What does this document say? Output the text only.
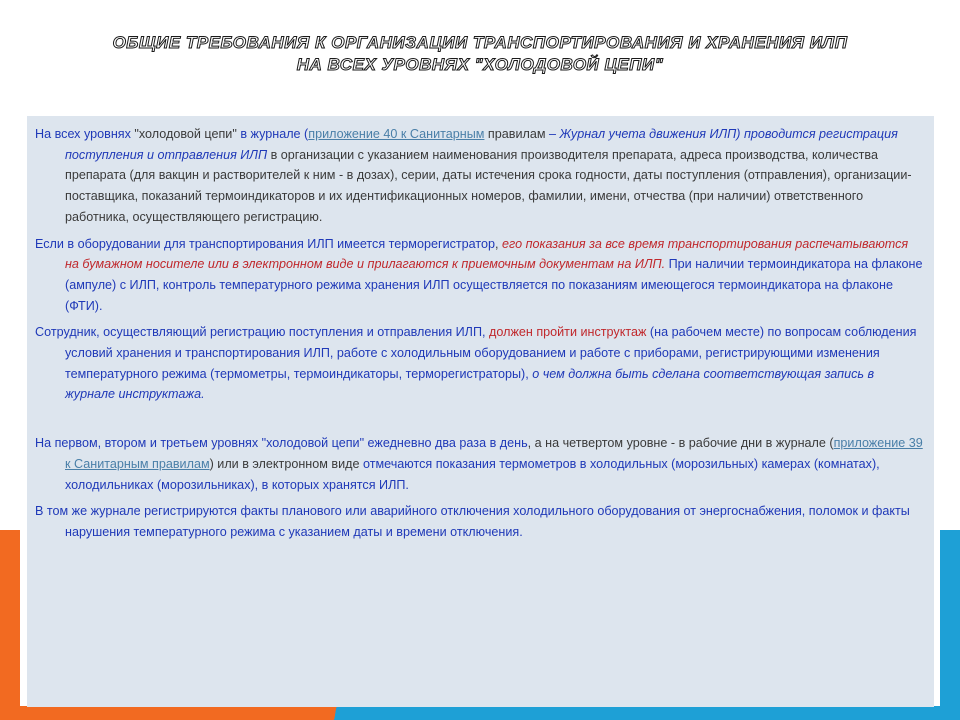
ОБЩИЕ ТРЕБОВАНИЯ К ОРГАНИЗАЦИИ ТРАНСПОРТИРОВАНИЯ И ХРАНЕНИЯ ИЛП
НА ВСЕХ УРОВНЯХ "ХОЛОДОВОЙ ЦЕПИ"

На всех уровнях "холодовой цепи" в журнале (приложение 40 к Санитарным правилам – Журнал учета движения ИЛП) проводится регистрация поступления и отправления ИЛП в организации с указанием наименования производителя препарата, адреса производства, количества препарата (для вакцин и растворителей к ним - в дозах), серии, даты истечения срока годности, даты поступления (отправления), организации-поставщика, показаний термоиндикаторов и их идентификационных номеров, фамилии, имени, отчества (при наличии) ответственного работника, осуществляющего регистрацию.

Если в оборудовании для транспортирования ИЛП имеется терморегистратор, его показания за все время транспортирования распечатываются на бумажном носителе или в электронном виде и прилагаются к приемочным документам на ИЛП. При наличии термоиндикатора на флаконе (ампуле) с ИЛП, контроль температурного режима хранения ИЛП осуществляется по показаниям имеющегося термоиндикатора на флаконе (ФТИ).

Сотрудник, осуществляющий регистрацию поступления и отправления ИЛП, должен пройти инструктаж (на рабочем месте) по вопросам соблюдения условий хранения и транспортирования ИЛП, работе с холодильным оборудованием и работе с приборами, регистрирующими изменения температурного режима (термометры, термоиндикаторы, терморегистраторы), о чем должна быть сделана соответствующая запись в журнале инструктажа.

На первом, втором и третьем уровнях "холодовой цепи" ежедневно два раза в день, а на четвертом уровне - в рабочие дни в журнале (приложение 39 к Санитарным правилам) или в электронном виде отмечаются показания термометров в холодильных (морозильных) камерах (комнатах), холодильниках (морозильниках), в которых хранятся ИЛП.

В том же журнале регистрируются факты планового или аварийного отключения холодильного оборудования от энергоснабжения, поломок и факты нарушения температурного режима с указанием даты и времени отключения.
